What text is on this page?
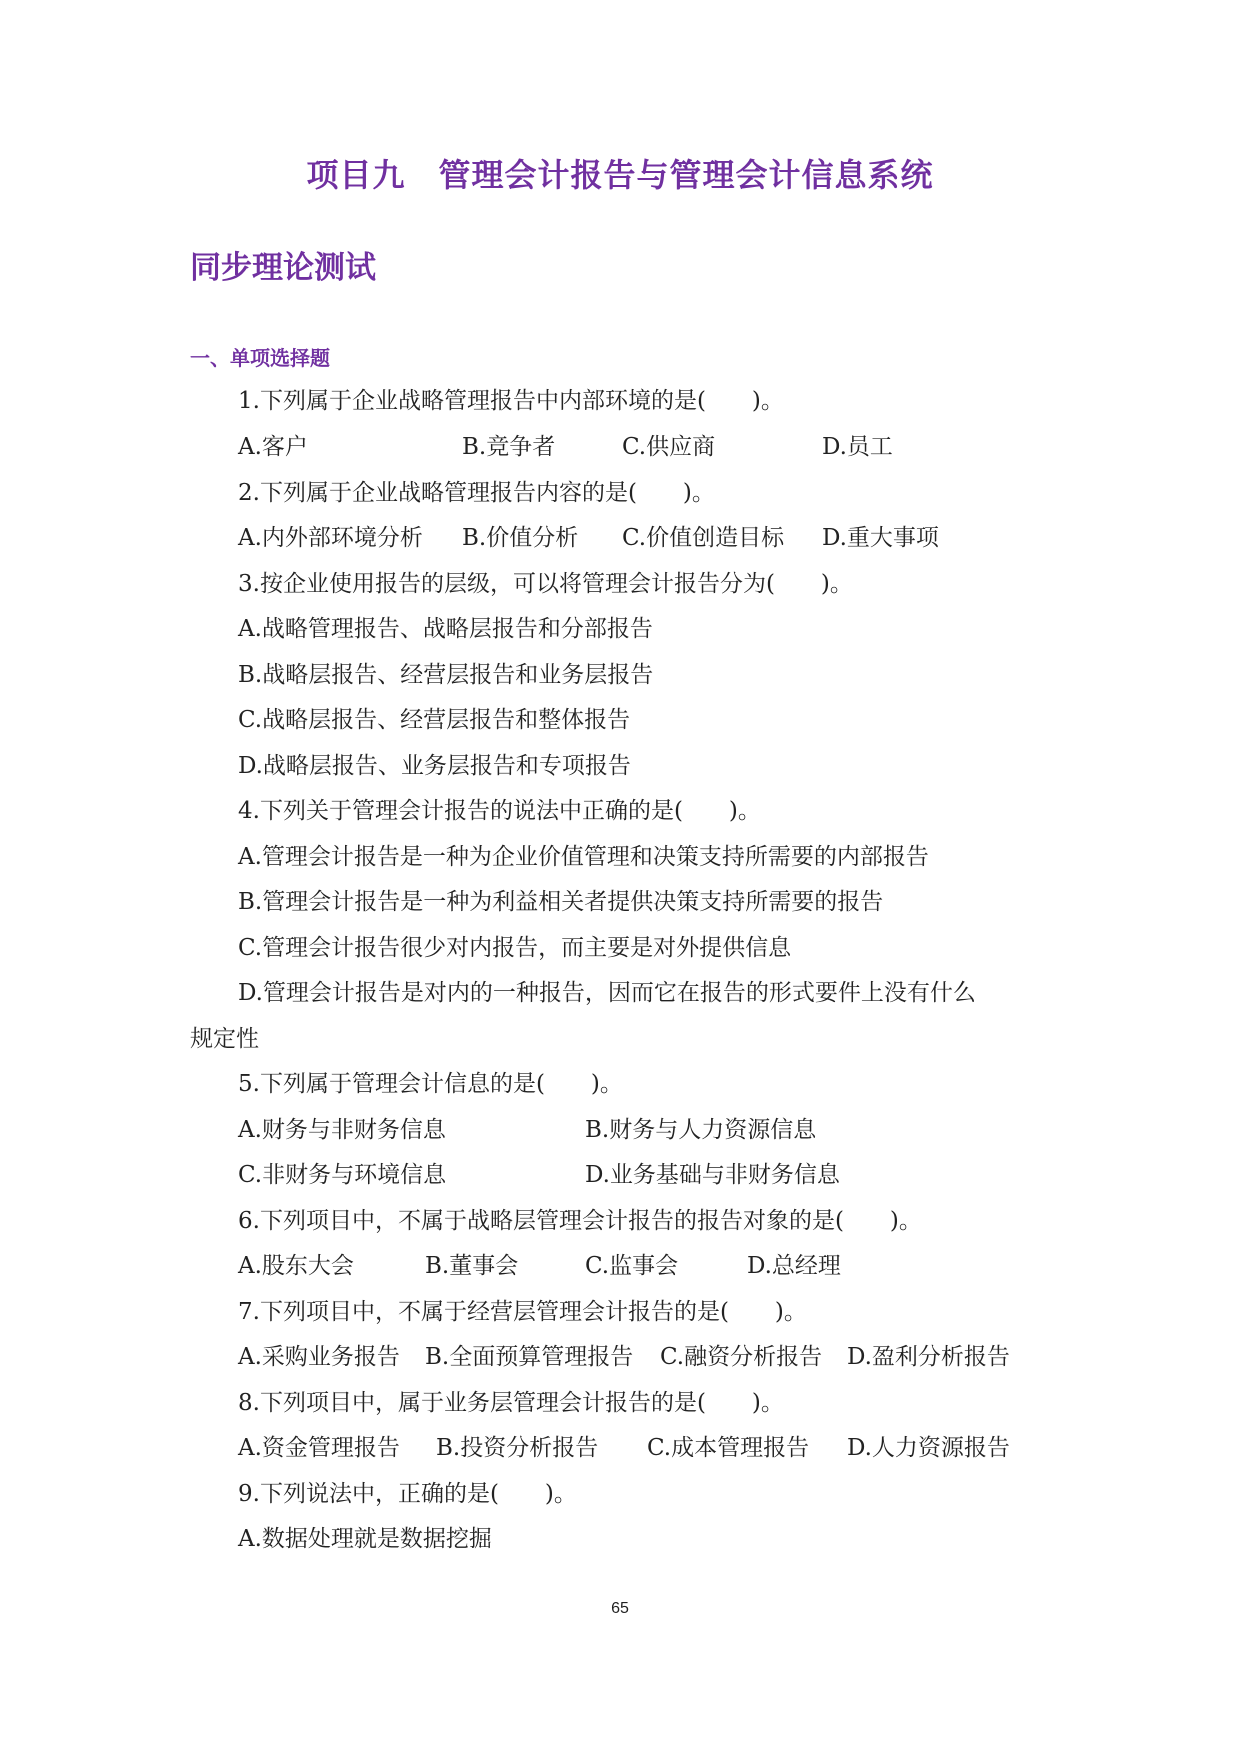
项目九　管理会计报告与管理会计信息系统
同步理论测试
一、单项选择题

1.下列属于企业战略管理报告中内部环境的是(　　)。

A.客户

	B.竞争者

	C.供应商

	D.员工

2.下列属于企业战略管理报告内容的是(　　)。

A.内外部环境分析

B.价值分析

C.价值创造目标

D.重大事项

3.按企业使用报告的层级，可以将管理会计报告分为(　　)。

A.战略管理报告、战略层报告和分部报告

B.战略层报告、经营层报告和业务层报告

C.战略层报告、经营层报告和整体报告

D.战略层报告、业务层报告和专项报告

4.下列关于管理会计报告的说法中正确的是(　　)。

A.管理会计报告是一种为企业价值管理和决策支持所需要的内部报告

B.管理会计报告是一种为利益相关者提供决策支持所需要的报告

C.管理会计报告很少对内报告，而主要是对外提供信息

D.管理会计报告是对内的一种报告，因而它在报告的形式要件上没有什么

规定性

5.下列属于管理会计信息的是(　　)。

A.财务与非财务信息

	B.财务与人力资源信息

C.非财务与环境信息

	D.业务基础与非财务信息

6.下列项目中，不属于战略层管理会计报告的报告对象的是(　　)。

A.股东大会

	B.董事会

	C.监事会

	D.总经理

7.下列项目中，不属于经营层管理会计报告的是(　　)。

A.采购业务报告

B.全面预算管理报告

C.融资分析报告

D.盈利分析报告

8.下列项目中，属于业务层管理会计报告的是(　　)。

A.资金管理报告

B.投资分析报告

C.成本管理报告

D.人力资源报告

9.下列说法中，正确的是(　　)。

A.数据处理就是数据挖掘

65
